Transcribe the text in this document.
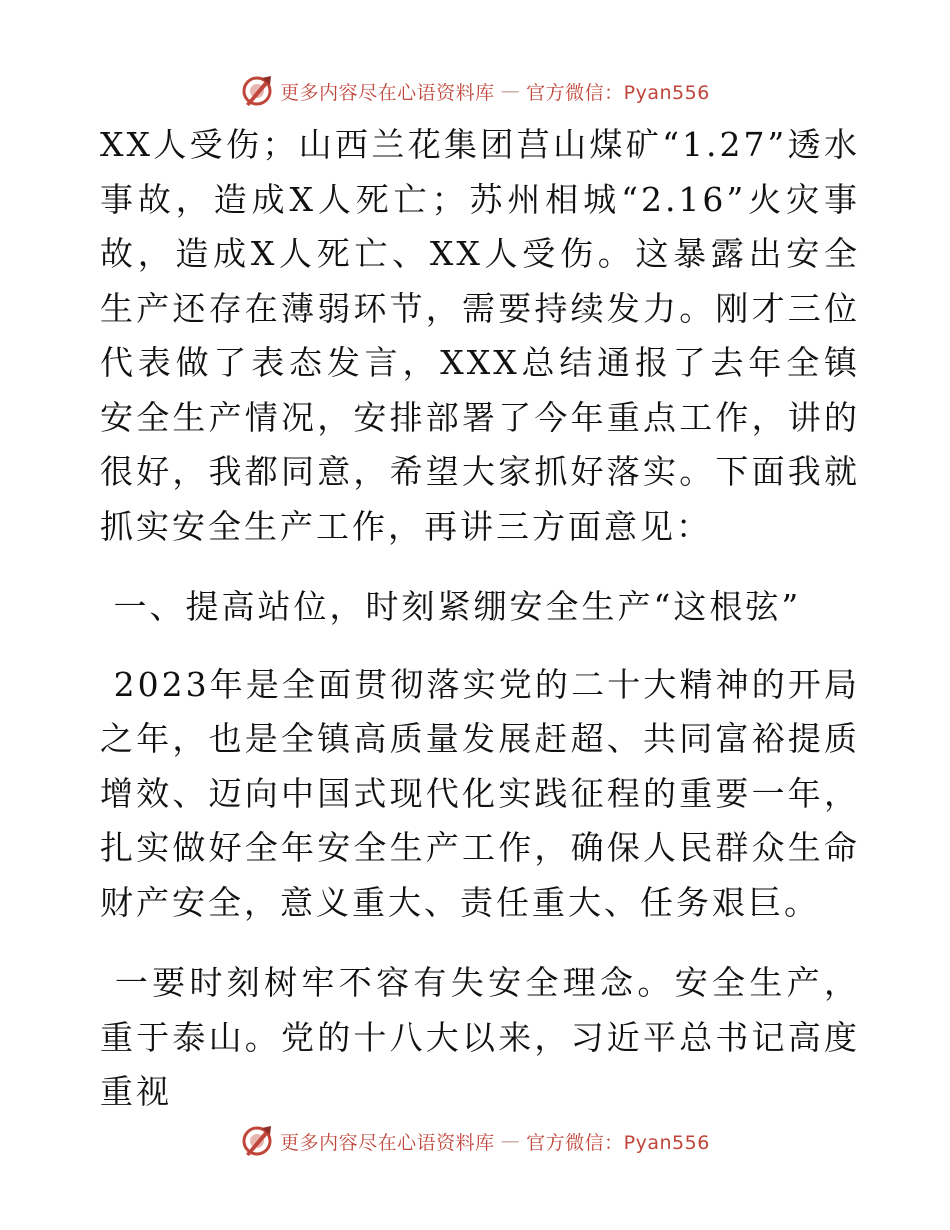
更多内容尽在心语资料库 — 官方微信：Pyan556

XX人受伤；山西兰花集团莒山煤矿“1.27”透水事故，造成X人死亡；苏州相城“2.16”火灾事故，造成X人死亡、XX人受伤。这暴露出安全生产还存在薄弱环节，需要持续发力。刚才三位代表做了表态发言，XXX总结通报了去年全镇安全生产情况，安排部署了今年重点工作，讲的很好，我都同意，希望大家抓好落实。下面我就抓实安全生产工作，再讲三方面意见：

一、提高站位，时刻紧绷安全生产“这根弦”

2023年是全面贯彻落实党的二十大精神的开局之年，也是全镇高质量发展赶超、共同富裕提质增效、迈向中国式现代化实践征程的重要一年，扎实做好全年安全生产工作，确保人民群众生命财产安全，意义重大、责任重大、任务艰巨。

一要时刻树牢不容有失安全理念。安全生产，重于泰山。党的十八大以来，习近平总书记高度重视

更多内容尽在心语资料库 — 官方微信：Pyan556
